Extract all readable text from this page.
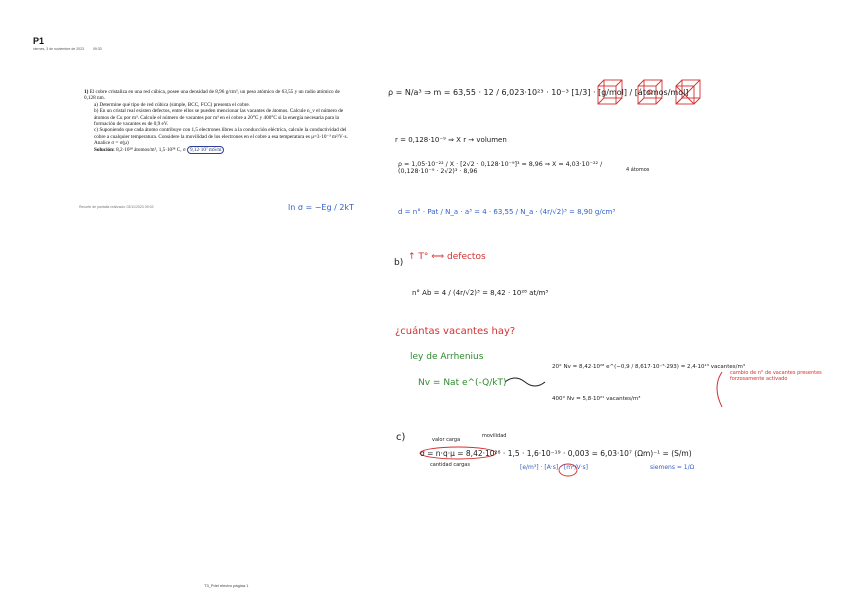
P1
viernes, 3 de noviembre de 2023	09:33

1) El cobre cristaliza en una red cúbica, posee una densidad de 8,96 g/cm³, un peso atómico de 63,55 y un radio atómico de 0,128 nm.

a) Determine qué tipo de red cúbica (simple, BCC, FCC) presenta el cobre.

b) En un cristal real existen defectos, entre ellos se pueden mencionar las vacantes de átomos. Calcule n_v el número de átomos de Cu por m³. Calcule el número de vacantes por m³ en el cobre a 20°C y 400°C si la energía necesaria para la formación de vacantes es de 0,9 eV.

c) Suponiendo que cada átomo contribuye con 1,5 electrones libres a la conducción eléctrica, calcule la conductividad del cobre a cualquier temperatura. Considere la movilidad de los electrones en el cobre a esa temperatura es μ=3·10⁻³ m²/V·s. Analice σ = σ(μ)

Solución: 8,2·10²⁸ átomos/m³, 1,5·10²⁸ C, σ 9,12·10⁷ mS/m

Recorte de pantalla realizado: 03/11/2023 09:03	ln σ = −Eg / 2kT
ρ = N/a³ ⇒ m = 63,55 · 12 / 6,023·10²³ · 10⁻³ [1/3] · [g/mol] / [átomos/mol]
r = 0,128·10⁻⁹ ⇒ X r → volumen
ρ = 1,05·10⁻²² / X · [2√2 · 0,128·10⁻⁹]³ = 8,96 ⇒ X = 4,03·10⁻²² / (0,128·10⁻⁹ · 2√2)³ · 8,96	4 átomos
d = n° · Pat / N_a · a³ = 4 · 63,55 / N_a · (4r/√2)³ = 8,90 g/cm³
b)
↑ T° ⟺ defectos
n° Ab = 4 / (4r/√2)³ = 8,42 · 10²⁸ at/m³
¿cuántas vacantes hay?
ley de Arrhenius
Nv = Nat e^(-Q/kT)
20° Nv = 8,42·10²⁸ e^(−0,9 / 8,617·10⁻⁵·293) = 2,4·10¹³ vacantes/m³
400° Nv = 5,8·10²¹ vacantes/m³
cambio de n° de vacantes presentes forzosamente activado
c)	valor carga
movilidad
σ = n·q·μ = 8,42·10²⁸ · 1,5 · 1,6·10⁻¹⁹ · 0,003 = 6,03·10⁷ (Ωm)⁻¹ = (S/m)
cantidad cargas	[e/m³] · [A·s] · [m²/V·s]	siemens = 1/Ω
T3_Pdel electro página 1
